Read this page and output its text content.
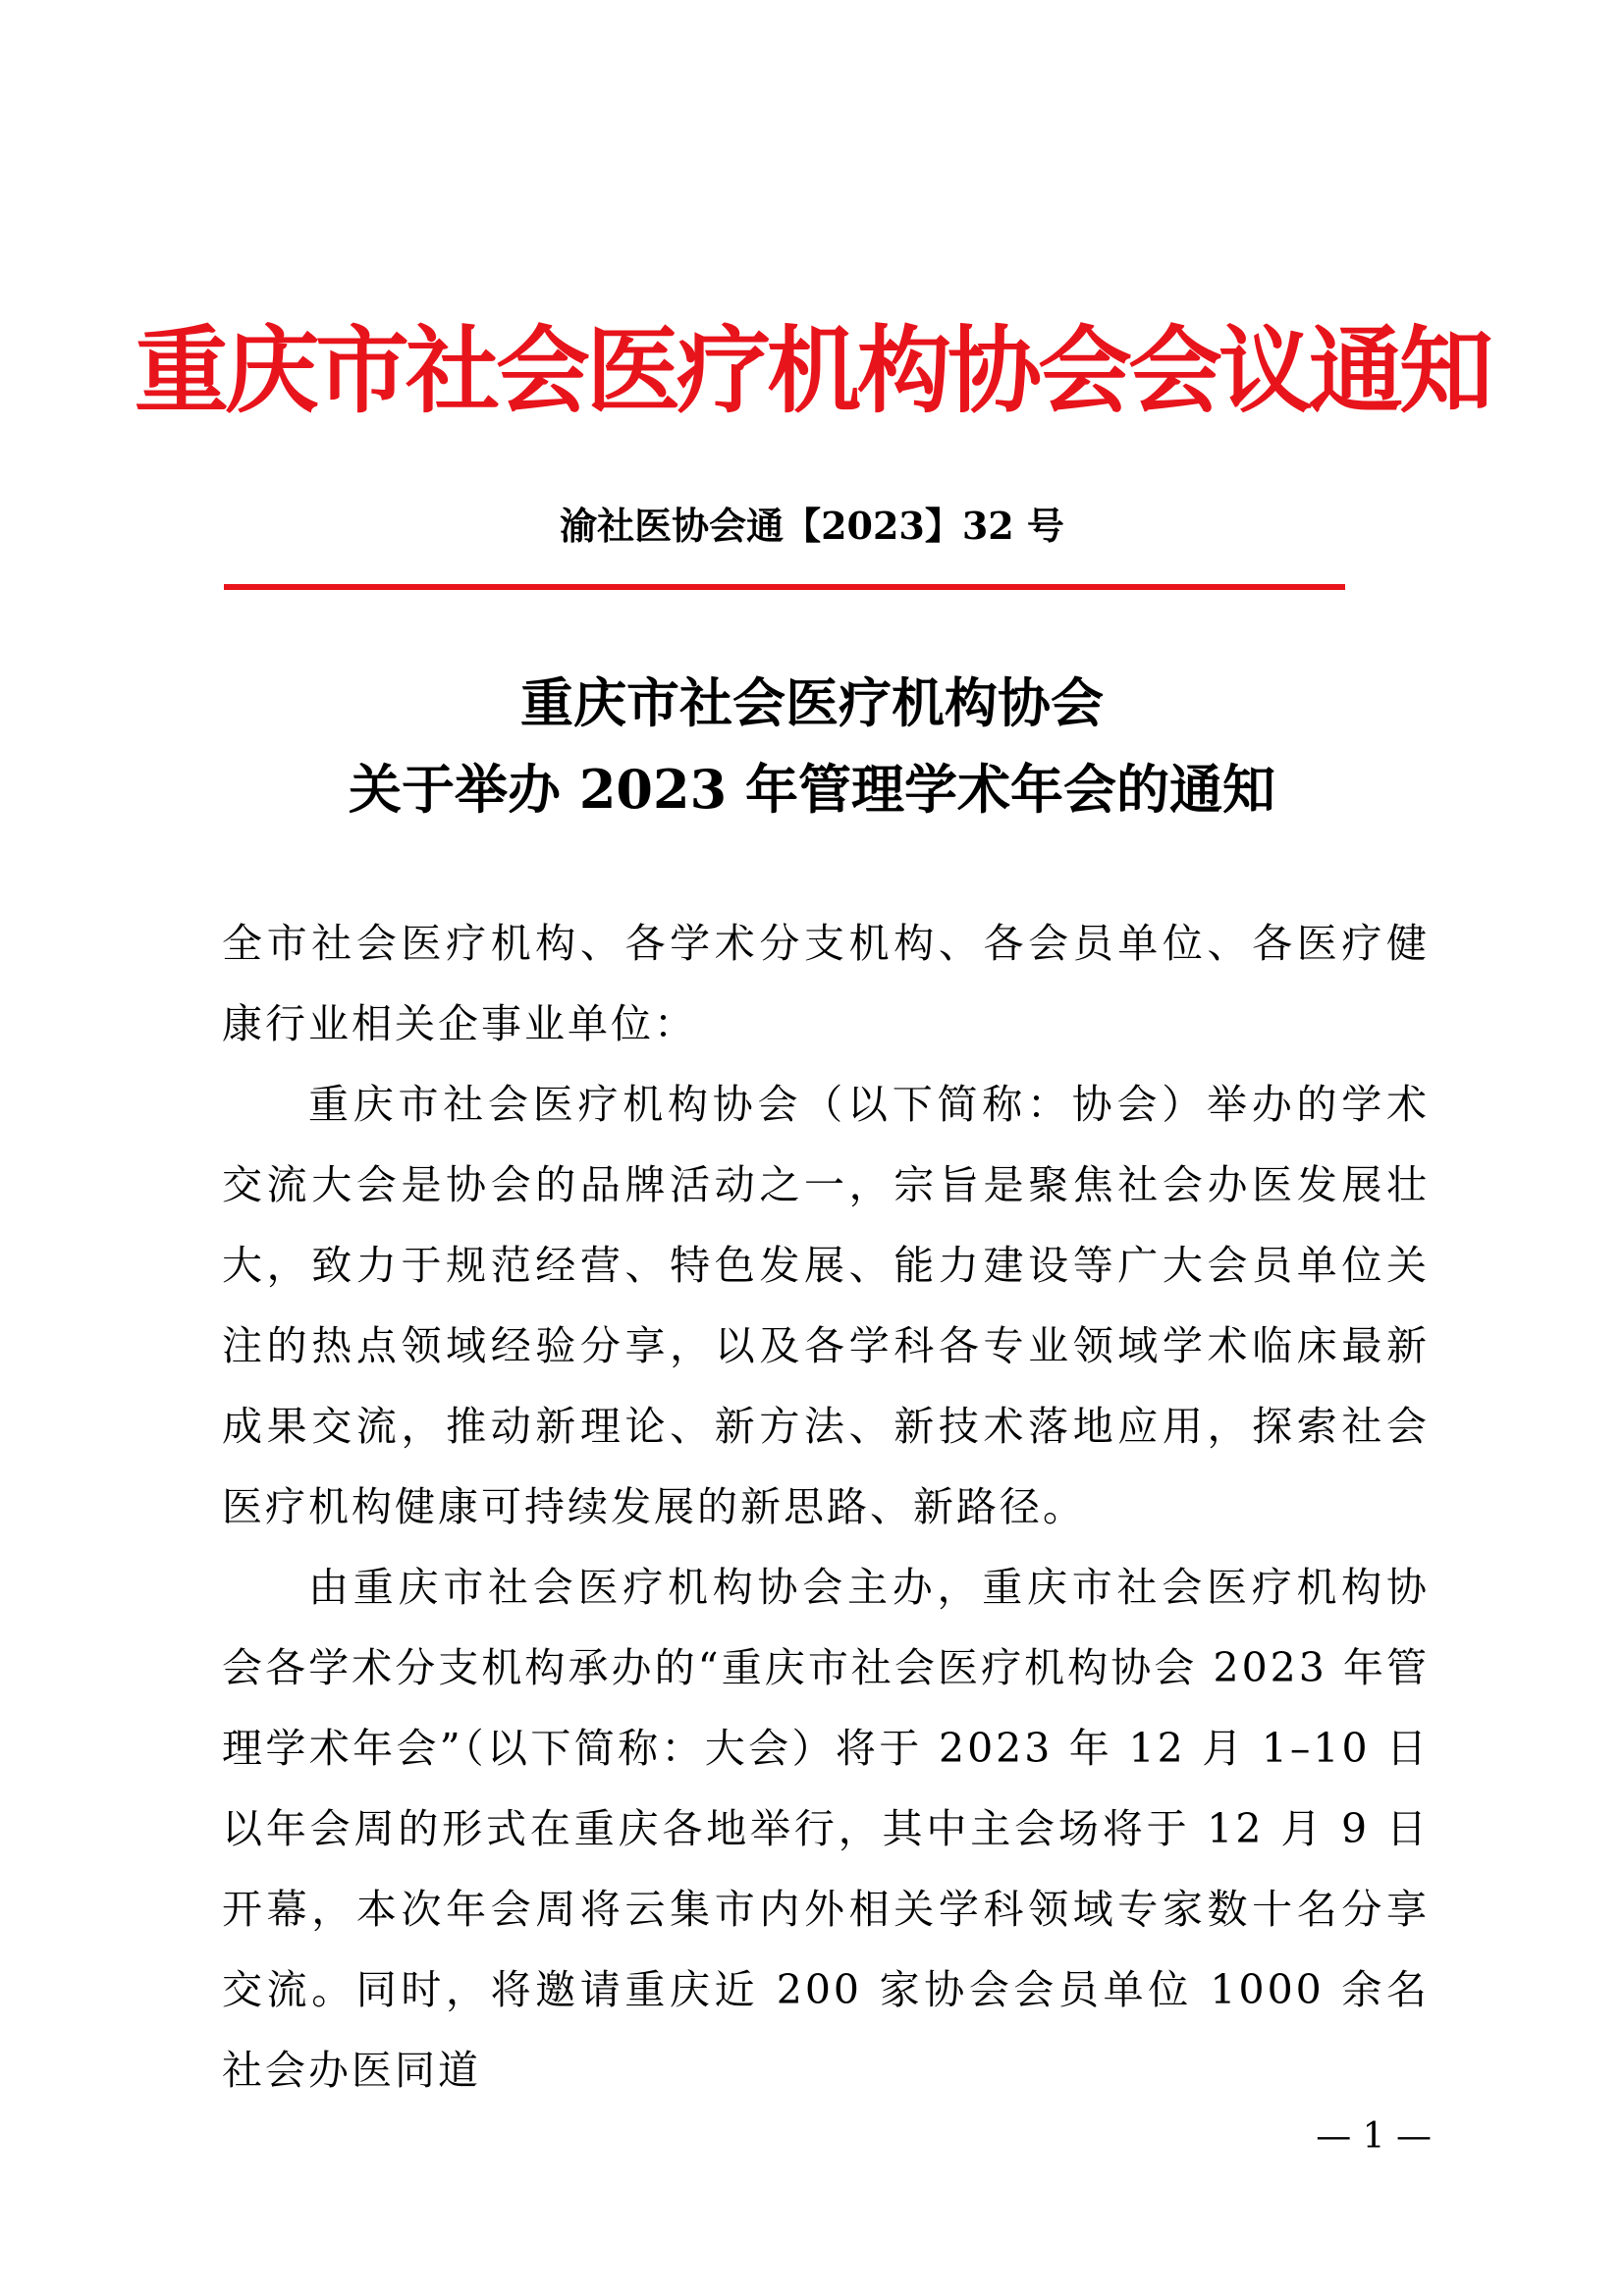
重庆市社会医疗机构协会会议通知
渝社医协会通【2023】32 号
重庆市社会医疗机构协会
关于举办 2023 年管理学术年会的通知

全市社会医疗机构、各学术分支机构、各会员单位、各医疗健康行业相关企事业单位：

重庆市社会医疗机构协会（以下简称：协会）举办的学术交流大会是协会的品牌活动之一，宗旨是聚焦社会办医发展壮大，致力于规范经营、特色发展、能力建设等广大会员单位关注的热点领域经验分享，以及各学科各专业领域学术临床最新成果交流，推动新理论、新方法、新技术落地应用，探索社会医疗机构健康可持续发展的新思路、新路径。

由重庆市社会医疗机构协会主办，重庆市社会医疗机构协会各学术分支机构承办的“重庆市社会医疗机构协会 2023 年管理学术年会”（以下简称：大会）将于 2023 年 12 月 1–10 日以年会周的形式在重庆各地举行，其中主会场将于 12 月 9 日开幕，本次年会周将云集市内外相关学科领域专家数十名分享交流。同时，将邀请重庆近 200 家协会会员单位 1000 余名社会办医同道

— 1 —
